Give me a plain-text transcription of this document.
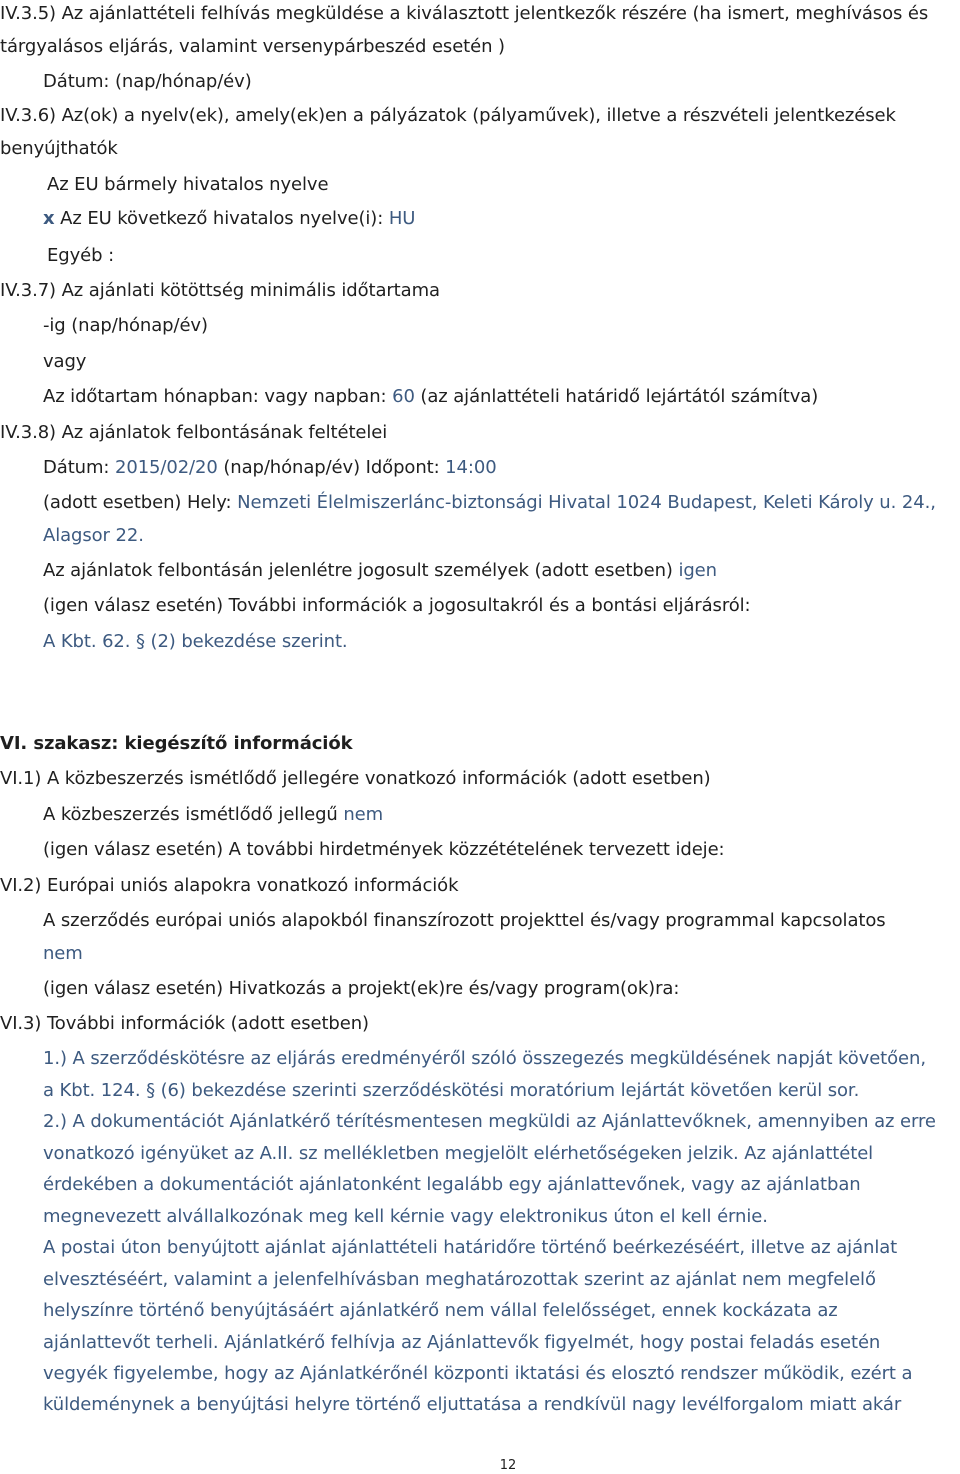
IV.3.5) Az ajánlattételi felhívás megküldése a kiválasztott jelentkezők részére (ha ismert, meghívásos és
tárgyalásos eljárás, valamint versenypárbeszéd esetén )
Dátum: (nap/hónap/év)
IV.3.6) Az(ok) a nyelv(ek), amely(ek)en a pályázatok (pályaművek), illetve a részvételi jelentkezések
benyújthatók
Az EU bármely hivatalos nyelve
x Az EU következő hivatalos nyelve(i): HU
Egyéb :
IV.3.7) Az ajánlati kötöttség minimális időtartama
-ig (nap/hónap/év)
vagy
Az időtartam hónapban: vagy napban: 60 (az ajánlattételi határidő lejártától számítva)
IV.3.8) Az ajánlatok felbontásának feltételei
Dátum: 2015/02/20 (nap/hónap/év) Időpont: 14:00
(adott esetben) Hely: Nemzeti Élelmiszerlánc-biztonsági Hivatal 1024 Budapest, Keleti Károly u. 24.,
Alagsor 22.
Az ajánlatok felbontásán jelenlétre jogosult személyek (adott esetben) igen
(igen válasz esetén) További információk a jogosultakról és a bontási eljárásról:
A Kbt. 62. § (2) bekezdése szerint.
VI. szakasz: kiegészítő információk
VI.1) A közbeszerzés ismétlődő jellegére vonatkozó információk (adott esetben)
A közbeszerzés ismétlődő jellegű nem
(igen válasz esetén) A további hirdetmények közzétételének tervezett ideje:
VI.2) Európai uniós alapokra vonatkozó információk
A szerződés európai uniós alapokból finanszírozott projekttel és/vagy programmal kapcsolatos
nem
(igen válasz esetén) Hivatkozás a projekt(ek)re és/vagy program(ok)ra:
VI.3) További információk (adott esetben)
1.) A szerződéskötésre az eljárás eredményéről szóló összegezés megküldésének napját követően,
a Kbt. 124. § (6) bekezdése szerinti szerződéskötési moratórium lejártát követően kerül sor.
2.) A dokumentációt Ajánlatkérő térítésmentesen megküldi az Ajánlattevőknek, amennyiben az erre
vonatkozó igényüket az A.II. sz mellékletben megjelölt elérhetőségeken jelzik. Az ajánlattétel
érdekében a dokumentációt ajánlatonként legalább egy ajánlattevőnek, vagy az ajánlatban
megnevezett alvállalkozónak meg kell kérnie vagy elektronikus úton el kell érnie.
A postai úton benyújtott ajánlat ajánlattételi határidőre történő beérkezéséért, illetve az ajánlat
elvesztéséért, valamint a jelenfelhívásban meghatározottak szerint az ajánlat nem megfelelő
helyszínre történő benyújtásáért ajánlatkérő nem vállal felelősséget, ennek kockázata az
ajánlattevőt terheli. Ajánlatkérő felhívja az Ajánlattevők figyelmét, hogy postai feladás esetén
vegyék figyelembe, hogy az Ajánlatkérőnél központi iktatási és elosztó rendszer működik, ezért a
küldeménynek a benyújtási helyre történő eljuttatása a rendkívül nagy levélforgalom miatt akár
12
